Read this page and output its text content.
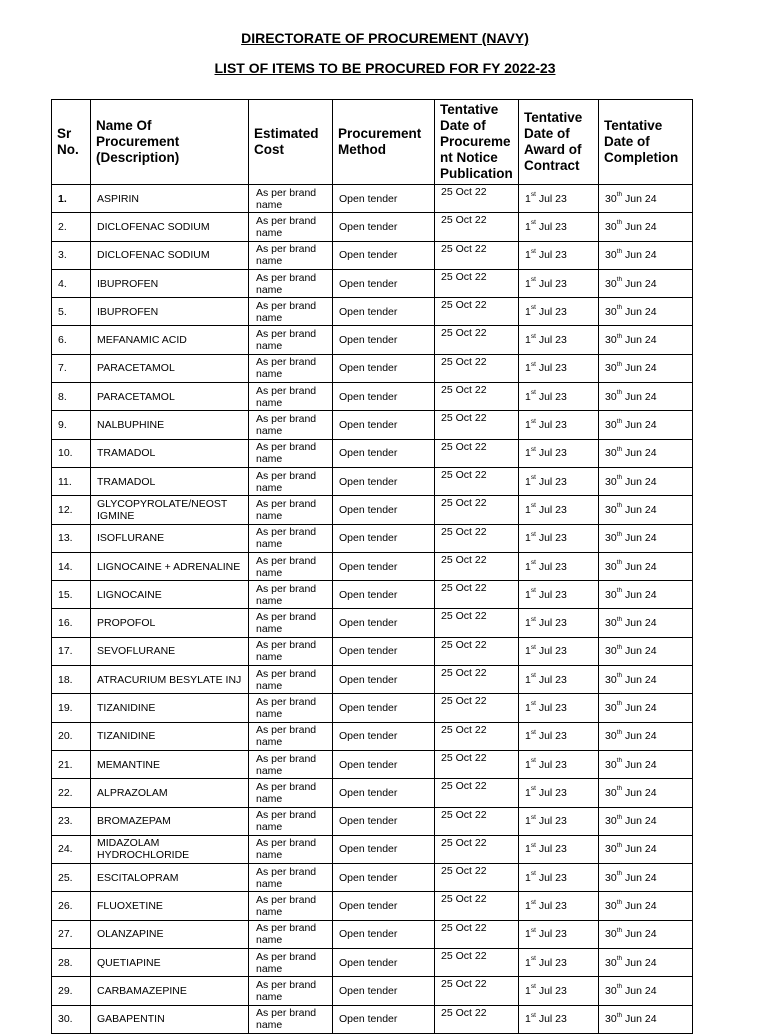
DIRECTORATE OF PROCUREMENT (NAVY)
LIST OF ITEMS TO BE PROCURED FOR FY 2022-23
Sr
No.	Name Of
Procurement
(Description)	Estimated
Cost	Procurement
Method	Tentative
Date of
Procureme
nt Notice
Publication	Tentative
Date of
Award of
Contract	Tentative
Date of
Completion

1.	ASPIRIN	As per brand
name	Open tender	25 Oct 22	1st Jul 23	30th Jun 24
2.	DICLOFENAC SODIUM	As per brand
name	Open tender	25 Oct 22	1st Jul 23	30th Jun 24
3.	DICLOFENAC SODIUM	As per brand
name	Open tender	25 Oct 22	1st Jul 23	30th Jun 24
4.	IBUPROFEN	As per brand
name	Open tender	25 Oct 22	1st Jul 23	30th Jun 24
5.	IBUPROFEN	As per brand
name	Open tender	25 Oct 22	1st Jul 23	30th Jun 24
6.	MEFANAMIC ACID	As per brand
name	Open tender	25 Oct 22	1st Jul 23	30th Jun 24
7.	PARACETAMOL	As per brand
name	Open tender	25 Oct 22	1st Jul 23	30th Jun 24
8.	PARACETAMOL	As per brand
name	Open tender	25 Oct 22	1st Jul 23	30th Jun 24
9.	NALBUPHINE	As per brand
name	Open tender	25 Oct 22	1st Jul 23	30th Jun 24
10.	TRAMADOL	As per brand
name	Open tender	25 Oct 22	1st Jul 23	30th Jun 24
11.	TRAMADOL	As per brand
name	Open tender	25 Oct 22	1st Jul 23	30th Jun 24
12.	GLYCOPYROLATE/NEOST IGMINE	As per brand
name	Open tender	25 Oct 22	1st Jul 23	30th Jun 24
13.	ISOFLURANE	As per brand
name	Open tender	25 Oct 22	1st Jul 23	30th Jun 24
14.	LIGNOCAINE + ADRENALINE	As per brand
name	Open tender	25 Oct 22	1st Jul 23	30th Jun 24
15.	LIGNOCAINE	As per brand
name	Open tender	25 Oct 22	1st Jul 23	30th Jun 24
16.	PROPOFOL	As per brand
name	Open tender	25 Oct 22	1st Jul 23	30th Jun 24
17.	SEVOFLURANE	As per brand
name	Open tender	25 Oct 22	1st Jul 23	30th Jun 24
18.	ATRACURIUM BESYLATE INJ	As per brand
name	Open tender	25 Oct 22	1st Jul 23	30th Jun 24
19.	TIZANIDINE	As per brand
name	Open tender	25 Oct 22	1st Jul 23	30th Jun 24
20.	TIZANIDINE	As per brand
name	Open tender	25 Oct 22	1st Jul 23	30th Jun 24
21.	MEMANTINE	As per brand
name	Open tender	25 Oct 22	1st Jul 23	30th Jun 24
22.	ALPRAZOLAM	As per brand
name	Open tender	25 Oct 22	1st Jul 23	30th Jun 24
23.	BROMAZEPAM	As per brand
name	Open tender	25 Oct 22	1st Jul 23	30th Jun 24
24.	MIDAZOLAM HYDROCHLORIDE	As per brand
name	Open tender	25 Oct 22	1st Jul 23	30th Jun 24
25.	ESCITALOPRAM	As per brand
name	Open tender	25 Oct 22	1st Jul 23	30th Jun 24
26.	FLUOXETINE	As per brand
name	Open tender	25 Oct 22	1st Jul 23	30th Jun 24
27.	OLANZAPINE	As per brand
name	Open tender	25 Oct 22	1st Jul 23	30th Jun 24
28.	QUETIAPINE	As per brand
name	Open tender	25 Oct 22	1st Jul 23	30th Jun 24
29.	CARBAMAZEPINE	As per brand
name	Open tender	25 Oct 22	1st Jul 23	30th Jun 24
30.	GABAPENTIN	As per brand
name	Open tender	25 Oct 22	1st Jul 23	30th Jun 24
